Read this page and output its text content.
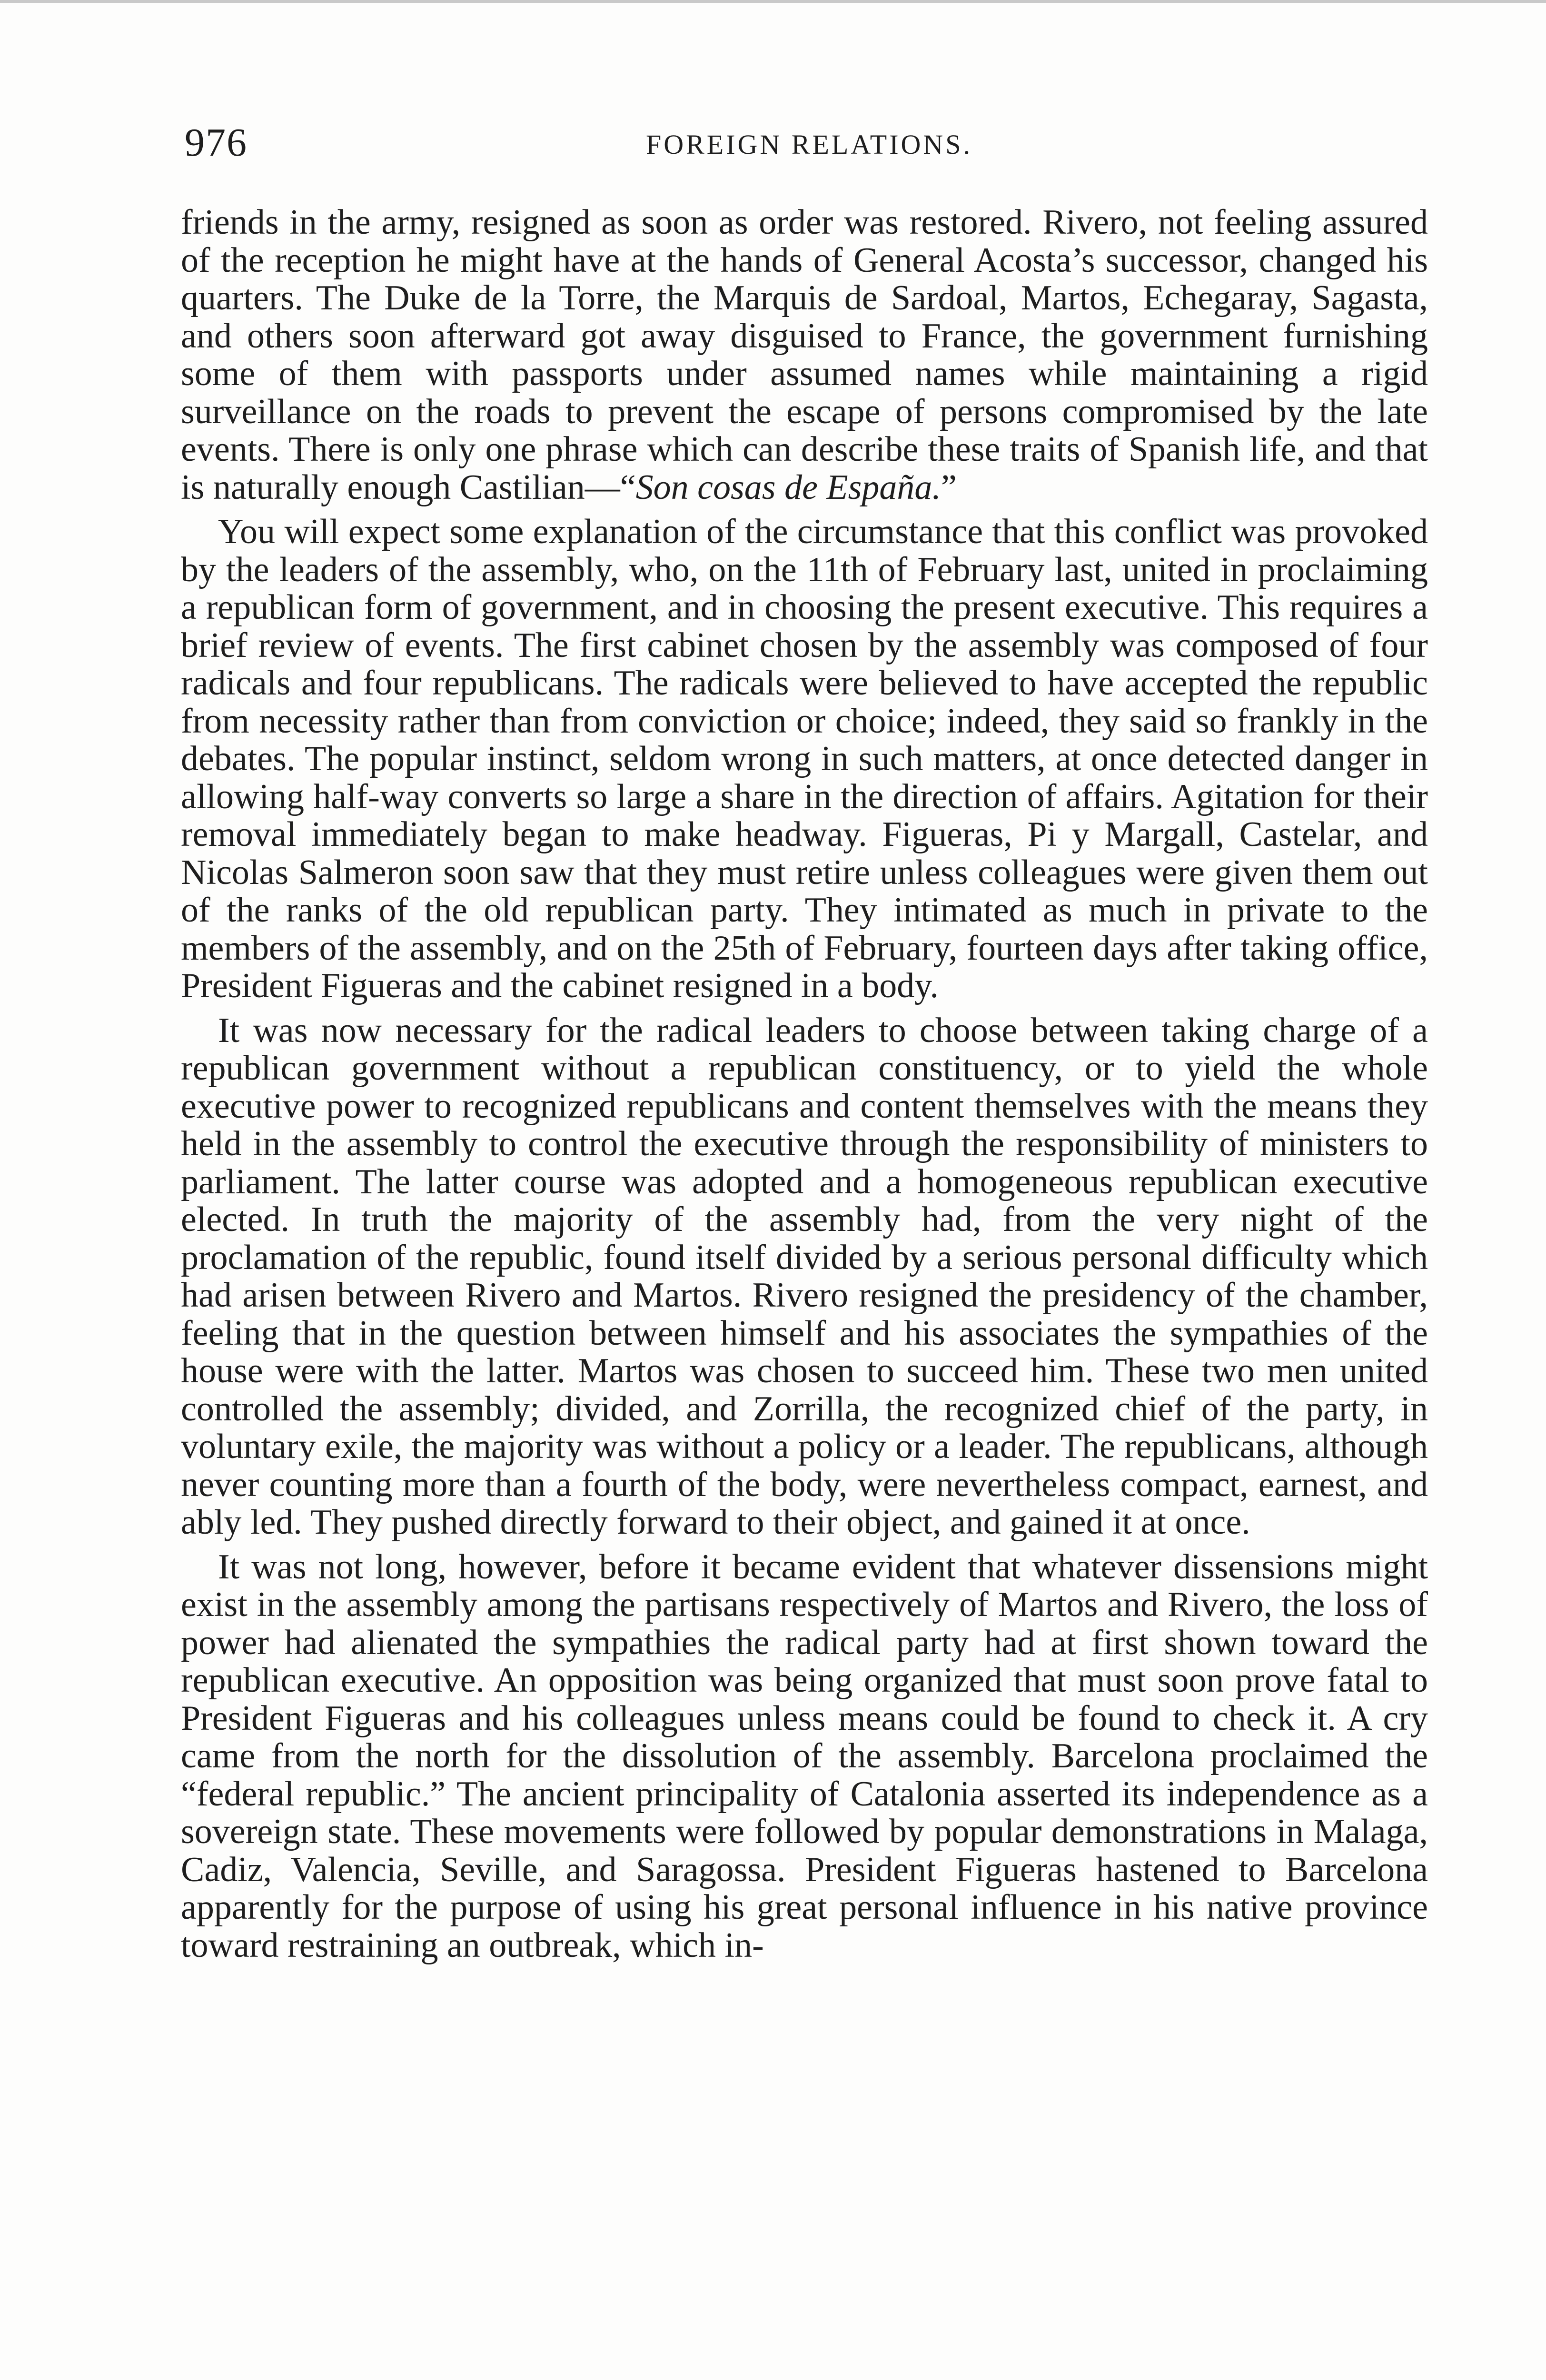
976	FOREIGN RELATIONS.

friends in the army, resigned as soon as order was restored. Rivero, not feeling assured of the reception he might have at the hands of General Acosta’s successor, changed his quarters. The Duke de la Torre, the Marquis de Sardoal, Martos, Echegaray, Sagasta, and others soon afterward got away disguised to France, the government furnishing some of them with passports under assumed names while maintaining a rigid surveillance on the roads to prevent the escape of persons compromised by the late events. There is only one phrase which can describe these traits of Spanish life, and that is naturally enough Castilian—“Son cosas de España.”

You will expect some explanation of the circumstance that this conflict was provoked by the leaders of the assembly, who, on the 11th of February last, united in proclaiming a republican form of government, and in choosing the present executive. This requires a brief review of events. The first cabinet chosen by the assembly was composed of four radicals and four republicans. The radicals were believed to have accepted the republic from necessity rather than from conviction or choice; indeed, they said so frankly in the debates. The popular instinct, seldom wrong in such matters, at once detected danger in allowing half-way converts so large a share in the direction of affairs. Agitation for their removal immediately began to make headway. Figueras, Pi y Margall, Castelar, and Nicolas Salmeron soon saw that they must retire unless colleagues were given them out of the ranks of the old republican party. They intimated as much in private to the members of the assembly, and on the 25th of February, fourteen days after taking office, President Figueras and the cabinet resigned in a body.

It was now necessary for the radical leaders to choose between taking charge of a republican government without a republican constituency, or to yield the whole executive power to recognized republicans and content themselves with the means they held in the assembly to control the executive through the responsibility of ministers to parliament. The latter course was adopted and a homogeneous republican executive elected. In truth the majority of the assembly had, from the very night of the proclamation of the republic, found itself divided by a serious personal difficulty which had arisen between Rivero and Martos. Rivero resigned the presidency of the chamber, feeling that in the question between himself and his associates the sympathies of the house were with the latter. Martos was chosen to succeed him. These two men united controlled the assembly; divided, and Zorrilla, the recognized chief of the party, in voluntary exile, the majority was without a policy or a leader. The republicans, although never counting more than a fourth of the body, were nevertheless compact, earnest, and ably led. They pushed directly forward to their object, and gained it at once.

It was not long, however, before it became evident that whatever dissensions might exist in the assembly among the partisans respectively of Martos and Rivero, the loss of power had alienated the sympathies the radical party had at first shown toward the republican executive. An opposition was being organized that must soon prove fatal to President Figueras and his colleagues unless means could be found to check it. A cry came from the north for the dissolution of the assembly. Barcelona proclaimed the “federal republic.” The ancient principality of Catalonia asserted its independence as a sovereign state. These movements were followed by popular demonstrations in Malaga, Cadiz, Valencia, Seville, and Saragossa. President Figueras hastened to Barcelona apparently for the purpose of using his great personal influence in his native province toward restraining an outbreak, which in-
